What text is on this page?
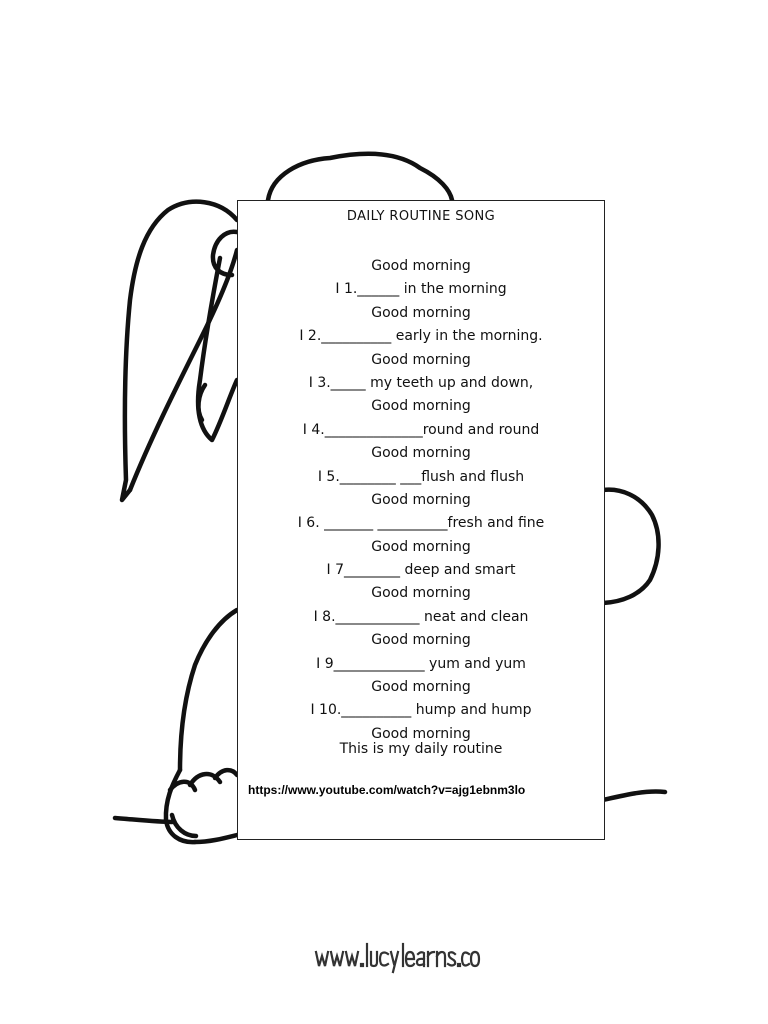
DAILY ROUTINE SONG
Good morning
I 1.______ in the morning
Good morning
I 2.__________ early in the morning.
Good morning
I 3._____ my teeth up and down,
Good morning
I 4.______________round and round
Good morning
I 5.________ ___flush and flush
Good morning
I 6. _______ __________fresh and fine
Good morning
I 7________ deep and smart
Good morning
I 8.____________ neat and clean
Good morning
I 9_____________ yum and yum
Good morning
I 10.__________ hump and hump
Good morning
This is my daily routine
https://www.youtube.com/watch?v=ajg1ebnm3lo
